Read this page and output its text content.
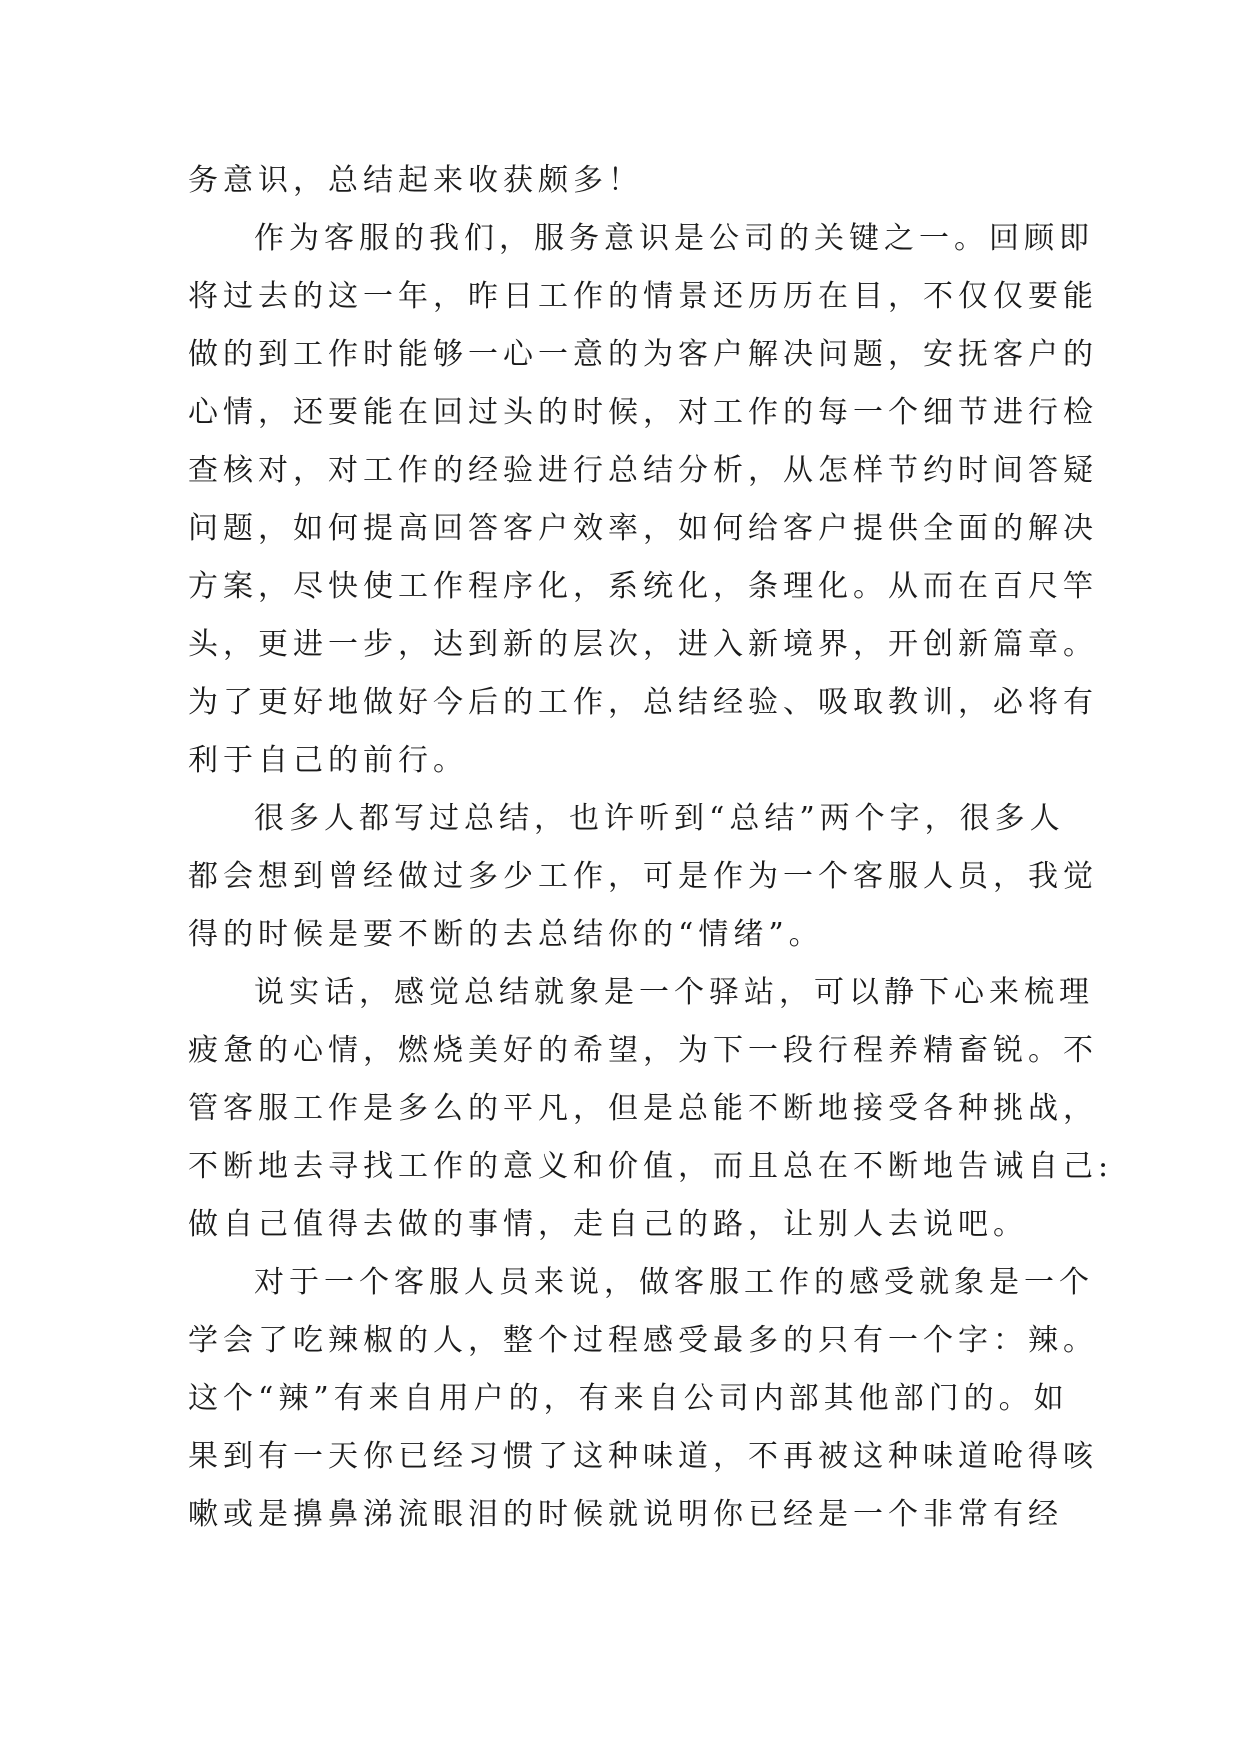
务意识，总结起来收获颇多！
作为客服的我们，服务意识是公司的关键之一。回顾即
将过去的这一年，昨日工作的情景还历历在目，不仅仅要能
做的到工作时能够一心一意的为客户解决问题，安抚客户的
心情，还要能在回过头的时候，对工作的每一个细节进行检
查核对，对工作的经验进行总结分析，从怎样节约时间答疑
问题，如何提高回答客户效率，如何给客户提供全面的解决
方案，尽快使工作程序化，系统化，条理化。从而在百尺竿
头，更进一步，达到新的层次，进入新境界，开创新篇章。
为了更好地做好今后的工作，总结经验、吸取教训，必将有
利于自己的前行。
很多人都写过总结，也许听到“总结”两个字，很多人
都会想到曾经做过多少工作，可是作为一个客服人员，我觉
得的时候是要不断的去总结你的“情绪”。
说实话，感觉总结就象是一个驿站，可以静下心来梳理
疲惫的心情，燃烧美好的希望，为下一段行程养精畜锐。不
管客服工作是多么的平凡，但是总能不断地接受各种挑战，
不断地去寻找工作的意义和价值，而且总在不断地告诫自己:
做自己值得去做的事情，走自己的路，让别人去说吧。
对于一个客服人员来说，做客服工作的感受就象是一个
学会了吃辣椒的人，整个过程感受最多的只有一个字：辣。
这个“辣”有来自用户的，有来自公司内部其他部门的。如
果到有一天你已经习惯了这种味道，不再被这种味道呛得咳
嗽或是擤鼻涕流眼泪的时候就说明你已经是一个非常有经
